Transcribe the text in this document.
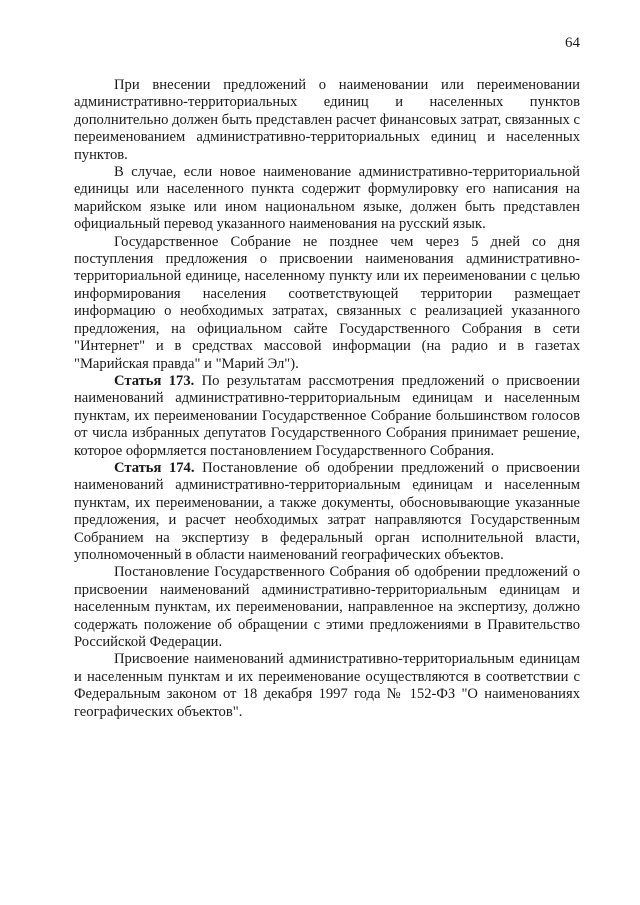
64

При внесении предложений о наименовании или переименовании административно-территориальных единиц и населенных пунктов дополнительно должен быть представлен расчет финансовых затрат, связанных с переименованием административно-территориальных единиц и населенных пунктов.

В случае, если новое наименование административно-территориальной единицы или населенного пункта содержит формулировку его написания на марийском языке или ином национальном языке, должен быть представлен официальный перевод указанного наименования на русский язык.

Государственное Собрание не позднее чем через 5 дней со дня поступления предложения о присвоении наименования административно-территориальной единице, населенному пункту или их переименовании с целью информирования населения соответствующей территории размещает информацию о необходимых затратах, связанных с реализацией указанного предложения, на официальном сайте Государственного Собрания в сети "Интернет" и в средствах массовой информации (на радио и в газетах "Марийская правда" и "Марий Эл").

Статья 173. По результатам рассмотрения предложений о присвоении наименований административно-территориальным единицам и населенным пунктам, их переименовании Государственное Собрание большинством голосов от числа избранных депутатов Государственного Собрания принимает решение, которое оформляется постановлением Государственного Собрания.

Статья 174. Постановление об одобрении предложений о присвоении наименований административно-территориальным единицам и населенным пунктам, их переименовании, а также документы, обосновывающие указанные предложения, и расчет необходимых затрат направляются Государственным Собранием на экспертизу в федеральный орган исполнительной власти, уполномоченный в области наименований географических объектов.

Постановление Государственного Собрания об одобрении предложений о присвоении наименований административно-территориальным единицам и населенным пунктам, их переименовании, направленное на экспертизу, должно содержать положение об обращении с этими предложениями в Правительство Российской Федерации.

Присвоение наименований административно-территориальным единицам и населенным пунктам и их переименование осуществляются в соответствии с Федеральным законом от 18 декабря 1997 года № 152-ФЗ "О наименованиях географических объектов".
